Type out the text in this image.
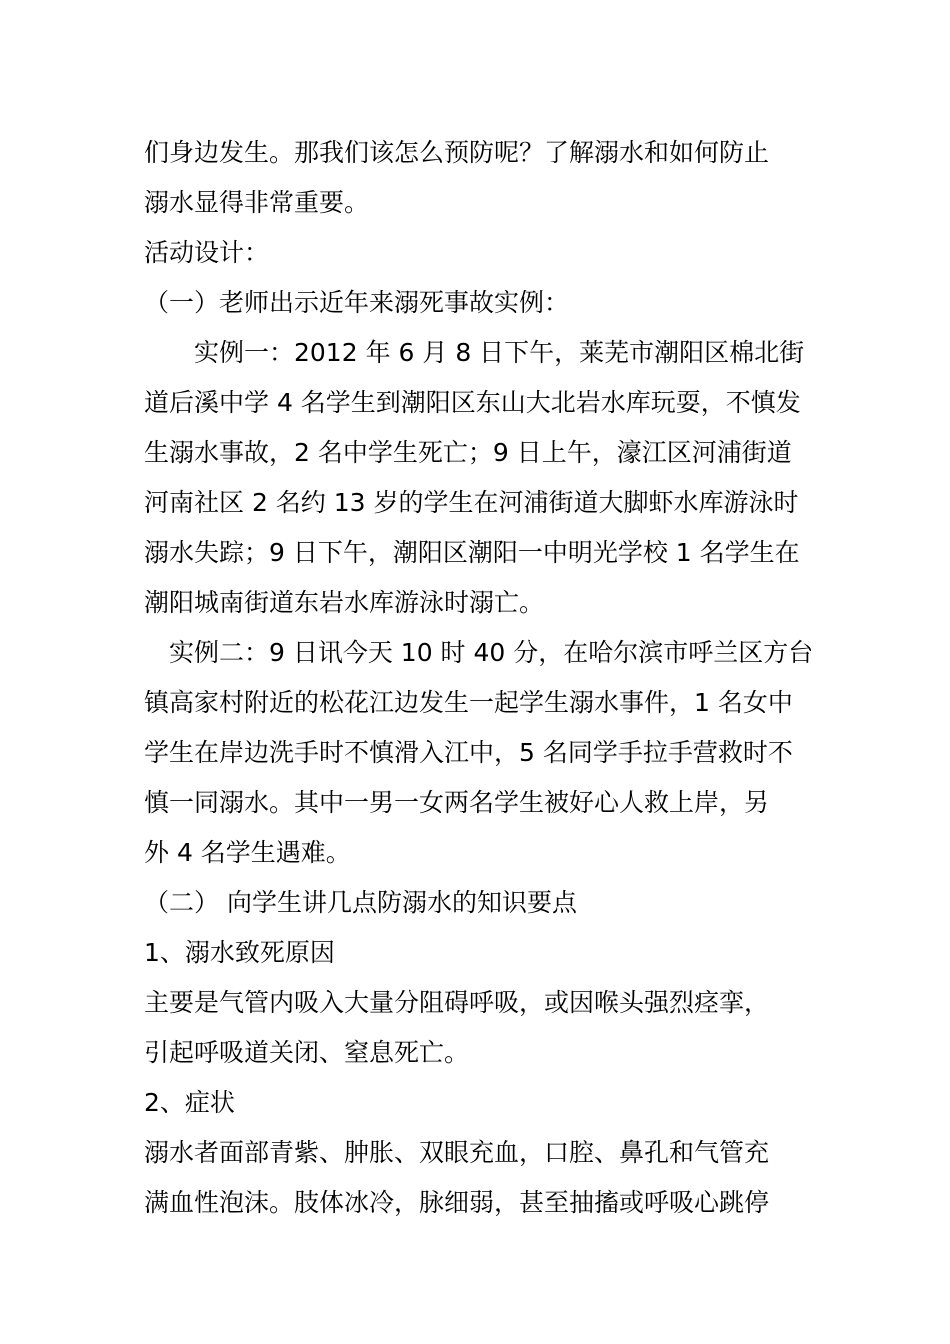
们身边发生。那我们该怎么预防呢？了解溺水和如何防止
溺水显得非常重要。
活动设计：
（一）老师出示近年来溺死事故实例：
实例一：2012 年 6 月 8 日下午，莱芜市潮阳区棉北街
道后溪中学 4 名学生到潮阳区东山大北岩水库玩耍，不慎发
生溺水事故，2 名中学生死亡；9 日上午，濠江区河浦街道
河南社区 2 名约 13 岁的学生在河浦街道大脚虾水库游泳时
溺水失踪；9 日下午，潮阳区潮阳一中明光学校 1 名学生在
潮阳城南街道东岩水库游泳时溺亡。
实例二：9 日讯今天 10 时 40 分，在哈尔滨市呼兰区方台
镇高家村附近的松花江边发生一起学生溺水事件，1 名女中
学生在岸边洗手时不慎滑入江中，5 名同学手拉手营救时不
慎一同溺水。其中一男一女两名学生被好心人救上岸，另
外 4 名学生遇难。
（二） 向学生讲几点防溺水的知识要点
1、溺水致死原因
主要是气管内吸入大量分阻碍呼吸，或因喉头强烈痉挛，
引起呼吸道关闭、窒息死亡。
2、症状
溺水者面部青紫、肿胀、双眼充血，口腔、鼻孔和气管充
满血性泡沫。肢体冰冷，脉细弱，甚至抽搐或呼吸心跳停
